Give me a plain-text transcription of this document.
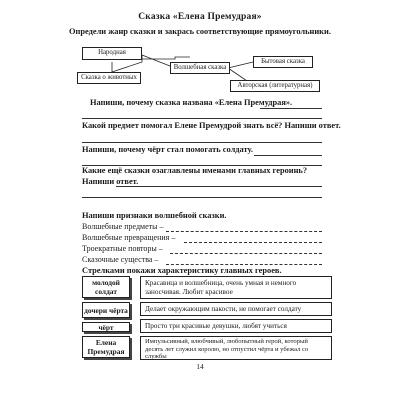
Сказка «Елена Премудрая»
Определи жанр сказки и закрась соответствующие прямоугольники.
Народная
Волшебная сказка
Бытовая сказка
Сказка о животных
Авторская (литературная)
Напиши, почему сказка названа «Елена Премудрая».
Какой предмет помогал Елене Премудрой знать всё? Напиши ответ.
Напиши, почему чёрт стал помогать солдату.
Какие ещё сказки озаглавлены именами главных героинь? Напиши ответ.
Напиши признаки волшебной сказки.
Волшебные предметы –
Волшебные превращения –
Троекратные повторы –
Сказочные существа –
Стрелками покажи характеристику главных героев.
молодой солдат
дочери чёрта
чёрт
Елена Премудрая
Красавица и волшебница, очень умная и немного заносчивая. Любит красивое
Делает окружающим пакости, не помогает солдату
Просто три красивые девушки, любят учиться
Импульсивный, влюбчивый, любопытный герой, который десять лет служил королю, но отпустил чёрта и убежал со службы
14
